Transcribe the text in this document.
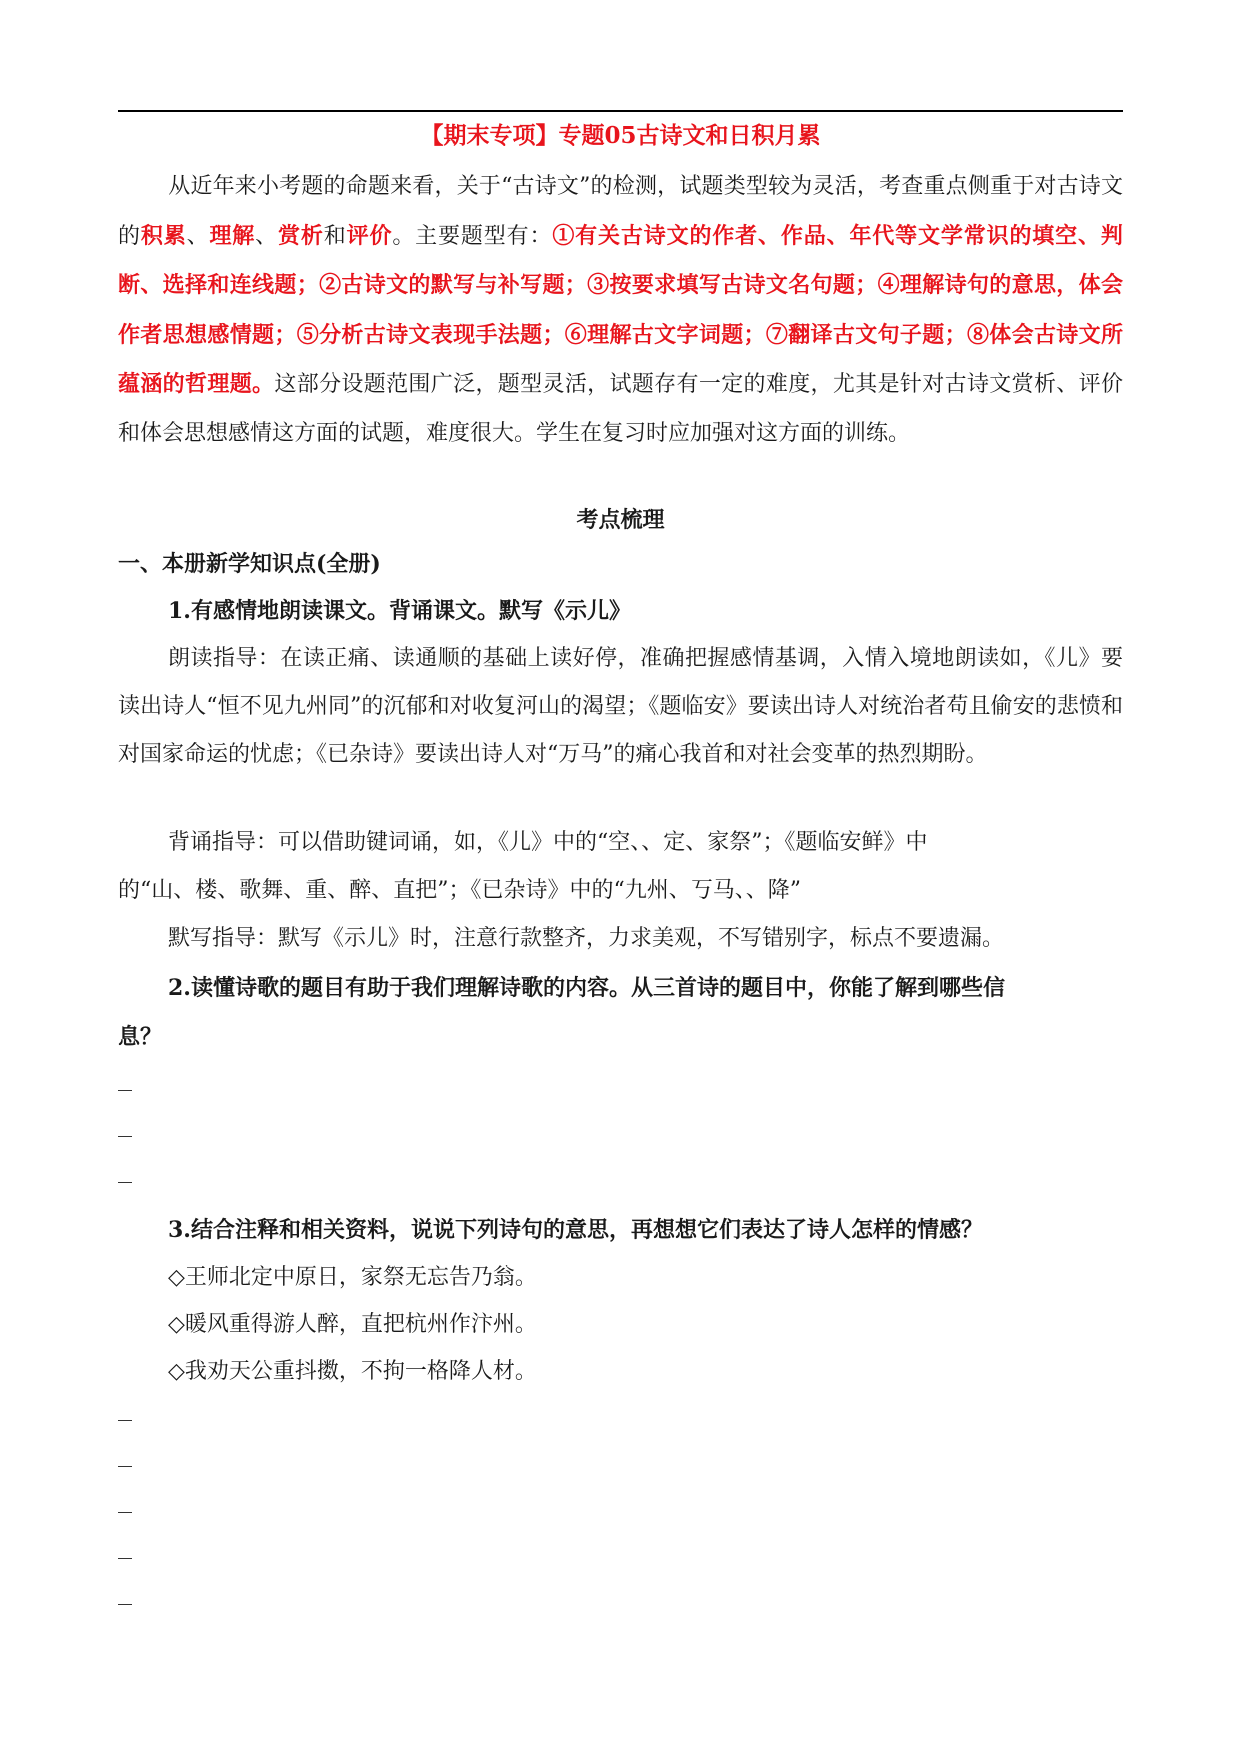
【期末专项】专题05古诗文和日积月累
从近年来小考题的命题来看，关于“古诗文”的检测，试题类型较为灵活，考查重点侧重于对古诗文的积累、理解、赏析和评价。主要题型有：①有关古诗文的作者、作品、年代等文学常识的填空、判断、选择和连线题；②古诗文的默写与补写题；③按要求填写古诗文名句题；④理解诗句的意思，体会作者思想感情题；⑤分析古诗文表现手法题；⑥理解古文字词题；⑦翻译古文句子题；⑧体会古诗文所蕴涵的哲理题。这部分设题范围广泛，题型灵活，试题存有一定的难度，尤其是针对古诗文赏析、评价和体会思想感情这方面的试题，难度很大。学生在复习时应加强对这方面的训练。
考点梳理
一、本册新学知识点(全册)
1.有感情地朗读课文。背诵课文。默写《示儿》
朗读指导：在读正痛、读通顺的基础上读好停，准确把握感情基调，入情入境地朗读如，《儿》要读出诗人“恒不见九州同”的沉郁和对收复河山的渴望；《题临安》要读出诗人对统治者苟且偷安的悲愤和对国家命运的忧虑；《已杂诗》要读出诗人对“万马”的痛心我首和对社会变革的热烈期盼。
背诵指导：可以借助键词诵，如，《儿》中的“空、、定、家祭”；《题临安鲜》中
的“山、楼、歌舞、重、醉、直把”；《已杂诗》中的“九州、丂马、、降”
默写指导：默写《示儿》时，注意行款整齐，力求美观，不写错别字，标点不要遗漏。
2.读懂诗歌的题目有助于我们理解诗歌的内容。从三首诗的题目中，你能了解到哪些信
息？
3.结合注释和相关资料，说说下列诗句的意思，再想想它们表达了诗人怎样的情感？
◇王师北定中原日，家祭无忘告乃翁。
◇暖风重得游人醉，直把杭州作汴州。
◇我劝天公重抖擞，不拘一格降人材。
